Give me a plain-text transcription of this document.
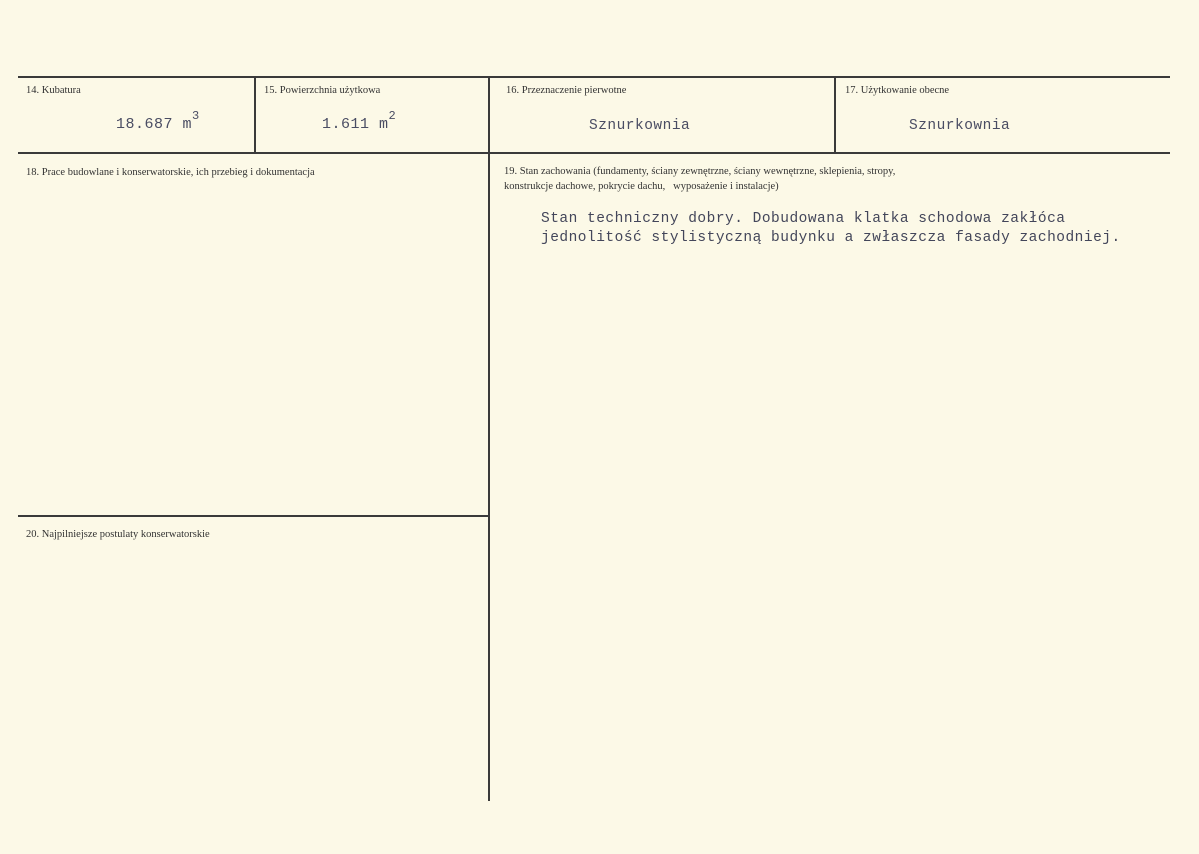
14. Kubatura
18.687 $m^3$
15. Powierzchnia użytkowa
1.611 $m^2$
16. Przeznaczenie pierwotne
Sznurkownia
17. Użytkowanie obecne
Sznurkownia
18. Prace budowlane i konserwatorskie, ich przebieg i dokumentacja	19. Stan zachowania (fundamenty, ściany zewnętrzne, ściany wewnętrzne, sklepienia, stropy,
konstrukcje dachowe, pokrycie dachu,   wyposażenie i instalacje)
Stan techniczny dobry. Dobudowana klatka schodowa zakłóca
jednolitość stylistyczną budynku a zwłaszcza fasady zachodniej.
20. Najpilniejsze postulaty konserwatorskie
